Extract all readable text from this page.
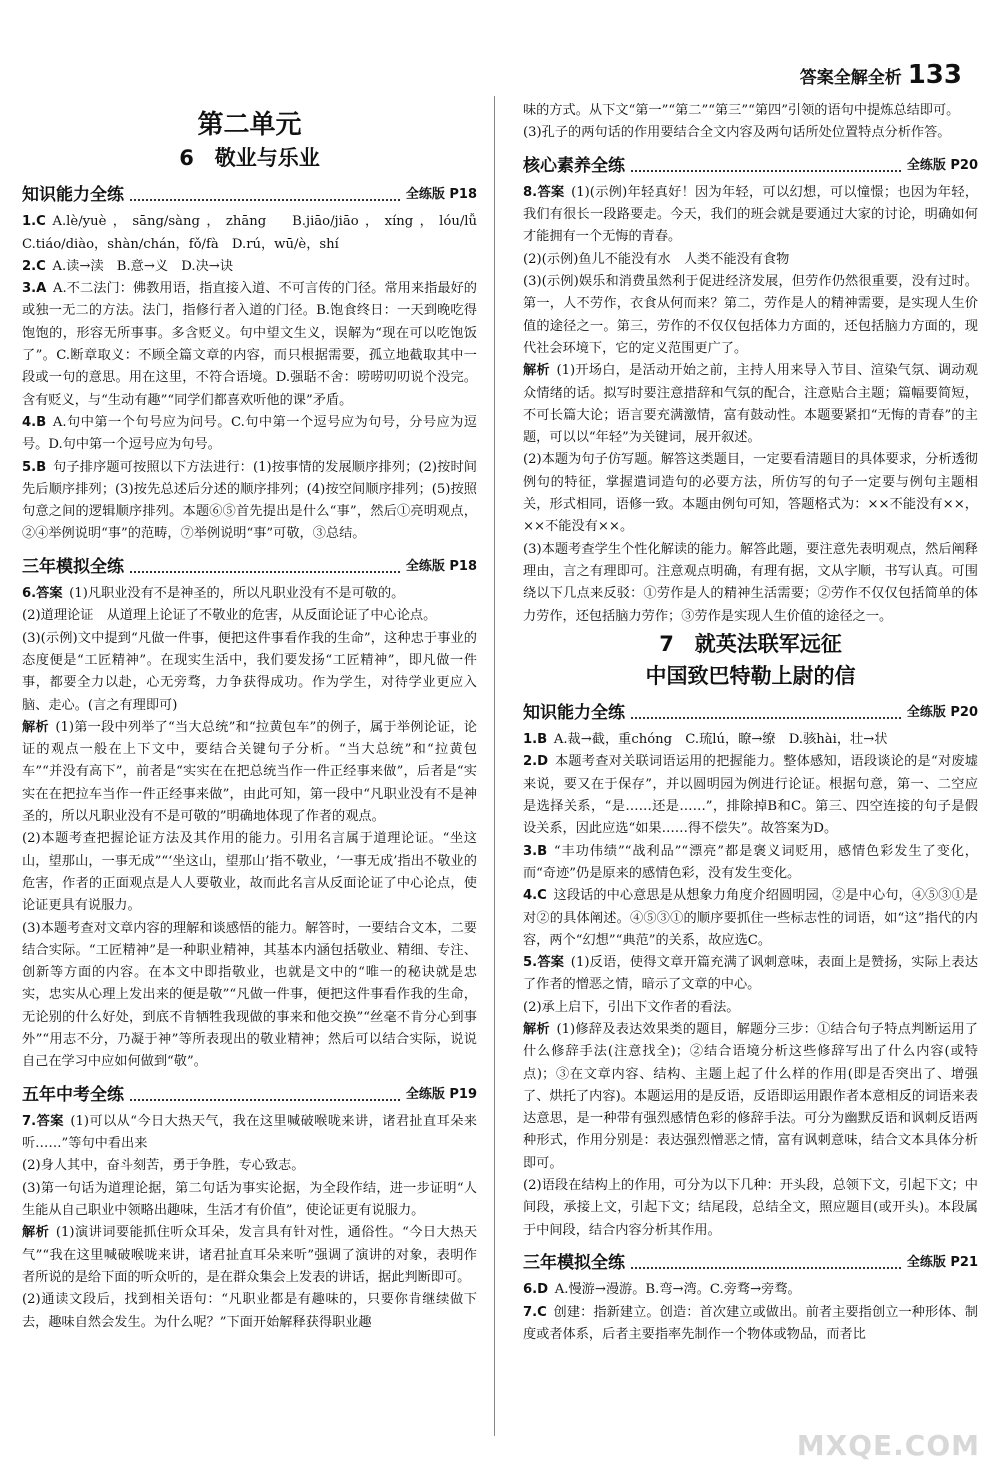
答案全解全析 133
第二单元
6　敬业与乐业
知识能力全练	全练版 P18

1.C  A.lè/yuè，sāng/sàng，zhāng　B.jiāo/jiāo，xíng，lóu/lǚ　C.tiáo/diào，shàn/chán，fǒ/fà　D.rú，wū/è，shí

2.C  A.读→渎　B.意→义　D.决→诀

3.A  A.不二法门：佛教用语，指直接入道、不可言传的门径。常用来指最好的或独一无二的方法。法门，指修行者入道的门径。B.饱食终日：一天到晚吃得饱饱的，形容无所事事。多含贬义。句中望文生义，误解为“现在可以吃饱饭了”。C.断章取义：不顾全篇文章的内容，而只根据需要，孤立地截取其中一段或一句的意思。用在这里，不符合语境。D.强聒不舍：唠唠叨叨说个没完。含有贬义，与“生动有趣”“同学们都喜欢听他的课”矛盾。

4.B  A.句中第一个句号应为问号。C.句中第一个逗号应为句号，分号应为逗号。D.句中第一个逗号应为句号。

5.B  句子排序题可按照以下方法进行：(1)按事情的发展顺序排列；(2)按时间先后顺序排列；(3)按先总述后分述的顺序排列；(4)按空间顺序排列；(5)按照句意之间的逻辑顺序排列。本题⑥⑤首先提出是什么“事”，然后①亮明观点，②④举例说明“事”的范畴，⑦举例说明“事”可敬，③总结。

三年模拟全练	全练版 P18

6.答案  (1)凡职业没有不是神圣的，所以凡职业没有不是可敬的。

(2)道理论证　从道理上论证了不敬业的危害，从反面论证了中心论点。

(3)(示例)文中提到“凡做一件事，便把这件事看作我的生命”，这种忠于事业的态度便是“工匠精神”。在现实生活中，我们要发扬“工匠精神”，即凡做一件事，都要全力以赴，心无旁骛，力争获得成功。作为学生，对待学业更应入脑、走心。(言之有理即可)

解析  (1)第一段中列举了“当大总统”和“拉黄包车”的例子，属于举例论证，论证的观点一般在上下文中，要结合关键句子分析。“当大总统”和“拉黄包车”“并没有高下”，前者是“实实在在把总统当作一件正经事来做”，后者是“实实在在把拉车当作一件正经事来做”，由此可知，第一段中“凡职业没有不是神圣的，所以凡职业没有不是可敬的”明确地体现了作者的观点。

(2)本题考查把握论证方法及其作用的能力。引用名言属于道理论证。“坐这山，望那山，一事无成”“‘坐这山，望那山’指不敬业，‘一事无成’指出不敬业的危害，作者的正面观点是人人要敬业，故而此名言从反面论证了中心论点，使论证更具有说服力。

(3)本题考查对文章内容的理解和谈感悟的能力。解答时，一要结合文本，二要结合实际。“工匠精神”是一种职业精神，其基本内涵包括敬业、精细、专注、创新等方面的内容。在本文中即指敬业，也就是文中的“唯一的秘诀就是忠实，忠实从心理上发出来的便是敬”“凡做一件事，便把这件事看作我的生命，无论别的什么好处，到底不肯牺牲我现做的事来和他交换”“丝毫不肯分心到事外”“用志不分，乃凝于神”等所表现出的敬业精神；然后可以结合实际，说说自己在学习中应如何做到“敬”。

五年中考全练	全练版 P19

7.答案  (1)可以从“今日大热天气，我在这里喊破喉咙来讲，诸君扯直耳朵来听……”等句中看出来

(2)身人其中，奋斗刻苦，勇于争胜，专心致志。

(3)第一句话为道理论据，第二句话为事实论据，为全段作结，进一步证明“人生能从自己职业中领略出趣味，生活才有价值”，使论证更有说服力。

解析  (1)演讲词要能抓住听众耳朵，发言具有针对性，通俗性。“今日大热天气”“我在这里喊破喉咙来讲，诸君扯直耳朵来听”强调了演讲的对象，表明作者所说的是给下面的听众听的，是在群众集会上发表的讲话，据此判断即可。

(2)通读文段后，找到相关语句：“凡职业都是有趣味的，只要你肯继续做下去，趣味自然会发生。为什么呢？”下面开始解释获得职业趣

味的方式。从下文“第一”“第二”“第三”“第四”引领的语句中提炼总结即可。

(3)孔子的两句话的作用要结合全文内容及两句话所处位置特点分析作答。

核心素养全练	全练版 P20

8.答案  (1)(示例)年轻真好！因为年轻，可以幻想，可以憧憬；也因为年轻，我们有很长一段路要走。今天，我们的班会就是要通过大家的讨论，明确如何才能拥有一个无悔的青春。

(2)(示例)鱼儿不能没有水　人类不能没有食物

(3)(示例)娱乐和消费虽然利于促进经济发展，但劳作仍然很重要，没有过时。第一，人不劳作，衣食从何而来？第二，劳作是人的精神需要，是实现人生价值的途径之一。第三，劳作的不仅仅包括体力方面的，还包括脑力方面的，现代社会环境下，它的定义范围更广了。

解析  (1)开场白，是活动开始之前，主持人用来导入节目、渲染气氛、调动观众情绪的话。拟写时要注意措辞和气氛的配合，注意贴合主题；篇幅要简短，不可长篇大论；语言要充满激情，富有鼓动性。本题要紧扣“无悔的青春”的主题，可以以“年轻”为关键词，展开叙述。

(2)本题为句子仿写题。解答这类题目，一定要看清题目的具体要求，分析透彻例句的特征，掌握遣词造句的必要方法，所仿写的句子一定要与例句主题相关，形式相同，语修一致。本题由例句可知，答题格式为：××不能没有××，××不能没有××。

(3)本题考查学生个性化解读的能力。解答此题，要注意先表明观点，然后阐释理由，言之有理即可。注意观点明确，有理有据，文从字顺，书写认真。可围绕以下几点来反驳：①劳作是人的精神生活需要；②劳作不仅仅包括简单的体力劳作，还包括脑力劳作；③劳作是实现人生价值的途径之一。

7　就英法联军远征
中国致巴特勒上尉的信
知识能力全练	全练版 P20

1.B  A.裁→截，重chóng　C.琉lú，瞭→缭　D.骇hài，壮→状

2.D  本题考查对关联词语运用的把握能力。整体感知，语段谈论的是“对废墟来说，要又在于保存”，并以圆明园为例进行论证。根据句意，第一、二空应是选择关系，“是……还是……”，排除掉B和C。第三、四空连接的句子是假设关系，因此应选“如果……得不偿失”。故答案为D。

3.B  “丰功伟绩”“战利品”“漂亮”都是褒义词贬用，感情色彩发生了变化，而“奇迹”仍是原来的感情色彩，没有发生变化。

4.C  这段话的中心意思是从想象力角度介绍圆明园，②是中心句，④⑤③①是对②的具体阐述。④⑤③①的顺序要抓住一些标志性的词语，如“这”指代的内容，两个“幻想”“典范”的关系，故应选C。

5.答案  (1)反语，使得文章开篇充满了讽刺意味，表面上是赞扬，实际上表达了作者的憎恶之情，暗示了文章的中心。

(2)承上启下，引出下文作者的看法。

解析  (1)修辞及表达效果类的题目，解题分三步：①结合句子特点判断运用了什么修辞手法(注意找全)；②结合语境分析这些修辞写出了什么内容(或特点)；③在文章内容、结构、主题上起了什么样的作用(即是否突出了、增强了、烘托了内容)。本题运用的是反语，反语即运用跟作者本意相反的词语来表达意思，是一种带有强烈感情色彩的修辞手法。可分为幽默反语和讽刺反语两种形式，作用分别是：表达强烈憎恶之情，富有讽刺意味，结合文本具体分析即可。

(2)语段在结构上的作用，可分为以下几种：开头段，总领下文，引起下文；中间段，承接上文，引起下文；结尾段，总结全文，照应题目(或开头)。本段属于中间段，结合内容分析其作用。

三年模拟全练	全练版 P21

6.D  A.慢游→漫游。B.弯→湾。C.旁骛→旁骛。

7.C  创建：指新建立。创造：首次建立或做出。前者主要指创立一种形体、制度或者体系，后者主要指率先制作一个物体或物品，而者比

MXQE.COM
